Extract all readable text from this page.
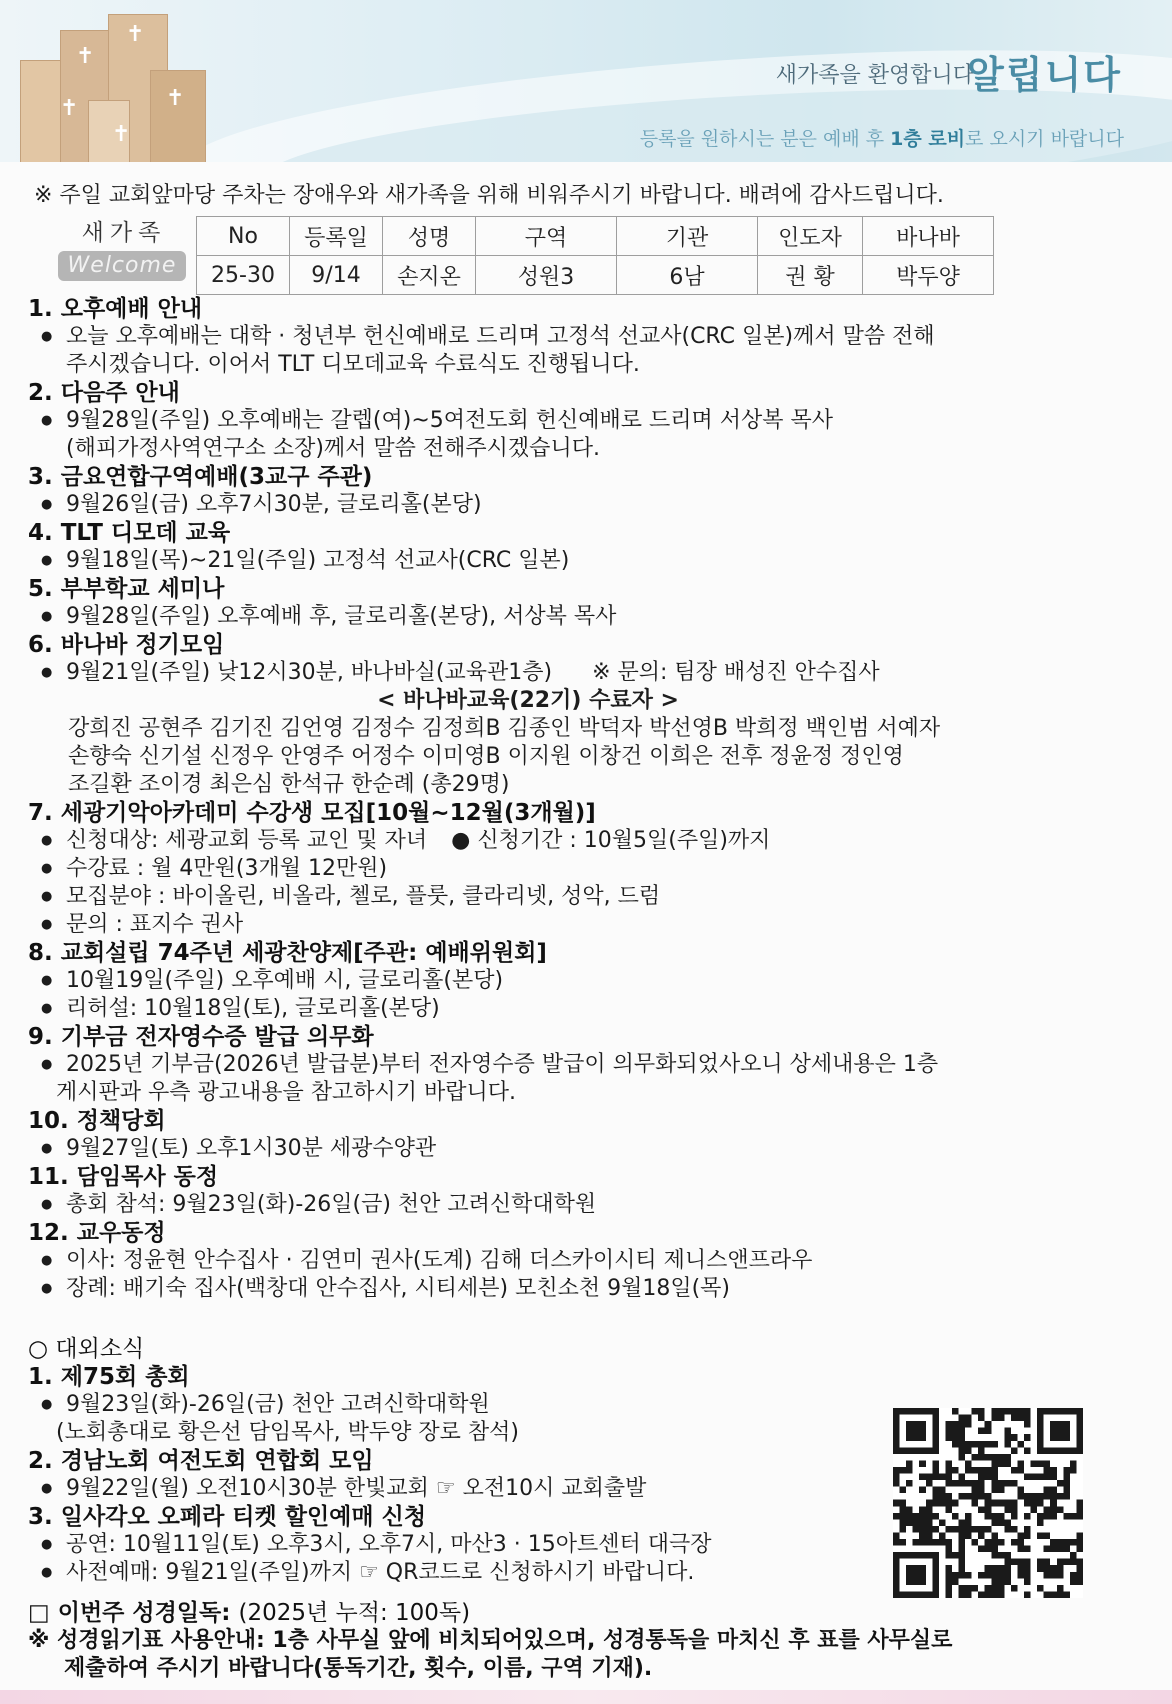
✝
✝
✝
✝
✝
새가족을 환영합니다
알립니다
등록을 원하시는 분은 예배 후 1층 로비로 오시기 바랍니다
※ 주일 교회앞마당 주차는 장애우와 새가족을 위해 비워주시기 바랍니다. 배려에 감사드립니다.
새가족
Welcome
No	등록일	성명	구역	기관	인도자	바나바
25-30	9/14	손지온	성원3	6남	권 황	박두양
1. 오후예배 안내
● 오늘 오후예배는 대학 · 청년부 헌신예배로 드리며 고정석 선교사(CRC 일본)께서 말씀 전해
주시겠습니다. 이어서 TLT 디모데교육 수료식도 진행됩니다.
2. 다음주 안내
● 9월28일(주일) 오후예배는 갈렙(여)~5여전도회 헌신예배로 드리며 서상복 목사
(해피가정사역연구소 소장)께서 말씀 전해주시겠습니다.
3. 금요연합구역예배(3교구 주관)
● 9월26일(금) 오후7시30분, 글로리홀(본당)
4. TLT 디모데 교육
● 9월18일(목)~21일(주일) 고정석 선교사(CRC 일본)
5. 부부학교 세미나
● 9월28일(주일) 오후예배 후, 글로리홀(본당), 서상복 목사
6. 바나바 정기모임
● 9월21일(주일) 낮12시30분, 바나바실(교육관1층) ※ 문의: 팀장 배성진 안수집사
< 바나바교육(22기) 수료자 >
강희진 공현주 김기진 김언영 김정수 김정희B 김종인 박덕자 박선영B 박희정 백인범 서예자
손향숙 신기설 신정우 안영주 어정수 이미영B 이지원 이창건 이희은 전후 정윤정 정인영
조길환 조이경 최은심 한석규 한순례 (총29명)
7. 세광기악아카데미 수강생 모집[10월~12월(3개월)]
● 신청대상: 세광교회 등록 교인 및 자녀 ● 신청기간 : 10월5일(주일)까지
● 수강료 : 월 4만원(3개월 12만원)
● 모집분야 : 바이올린, 비올라, 첼로, 플룻, 클라리넷, 성악, 드럼
● 문의 : 표지수 권사
8. 교회설립 74주년 세광찬양제[주관: 예배위원회]
● 10월19일(주일) 오후예배 시, 글로리홀(본당)
● 리허설: 10월18일(토), 글로리홀(본당)
9. 기부금 전자영수증 발급 의무화
● 2025년 기부금(2026년 발급분)부터 전자영수증 발급이 의무화되었사오니 상세내용은 1층
게시판과 우측 광고내용을 참고하시기 바랍니다.
10. 정책당회
● 9월27일(토) 오후1시30분 세광수양관
11. 담임목사 동정
● 총회 참석: 9월23일(화)-26일(금) 천안 고려신학대학원
12. 교우동정
● 이사: 정윤현 안수집사 · 김연미 권사(도계) 김해 더스카이시티 제니스앤프라우
● 장례: 배기숙 집사(백창대 안수집사, 시티세븐) 모친소천 9월18일(목)
○ 대외소식
1. 제75회 총회
● 9월23일(화)-26일(금) 천안 고려신학대학원
(노회총대로 황은선 담임목사, 박두양 장로 참석)
2. 경남노회 여전도회 연합회 모임
● 9월22일(월) 오전10시30분 한빛교회 ☞ 오전10시 교회출발
3. 일사각오 오페라 티켓 할인예매 신청
● 공연: 10월11일(토) 오후3시, 오후7시, 마산3 · 15아트센터 대극장
● 사전예매: 9월21일(주일)까지 ☞ QR코드로 신청하시기 바랍니다.
□ 이번주 성경일독: (2025년 누적: 100독)
※ 성경읽기표 사용안내: 1층 사무실 앞에 비치되어있으며, 성경통독을 마치신 후 표를 사무실로
제출하여 주시기 바랍니다(통독기간, 횟수, 이름, 구역 기재).
